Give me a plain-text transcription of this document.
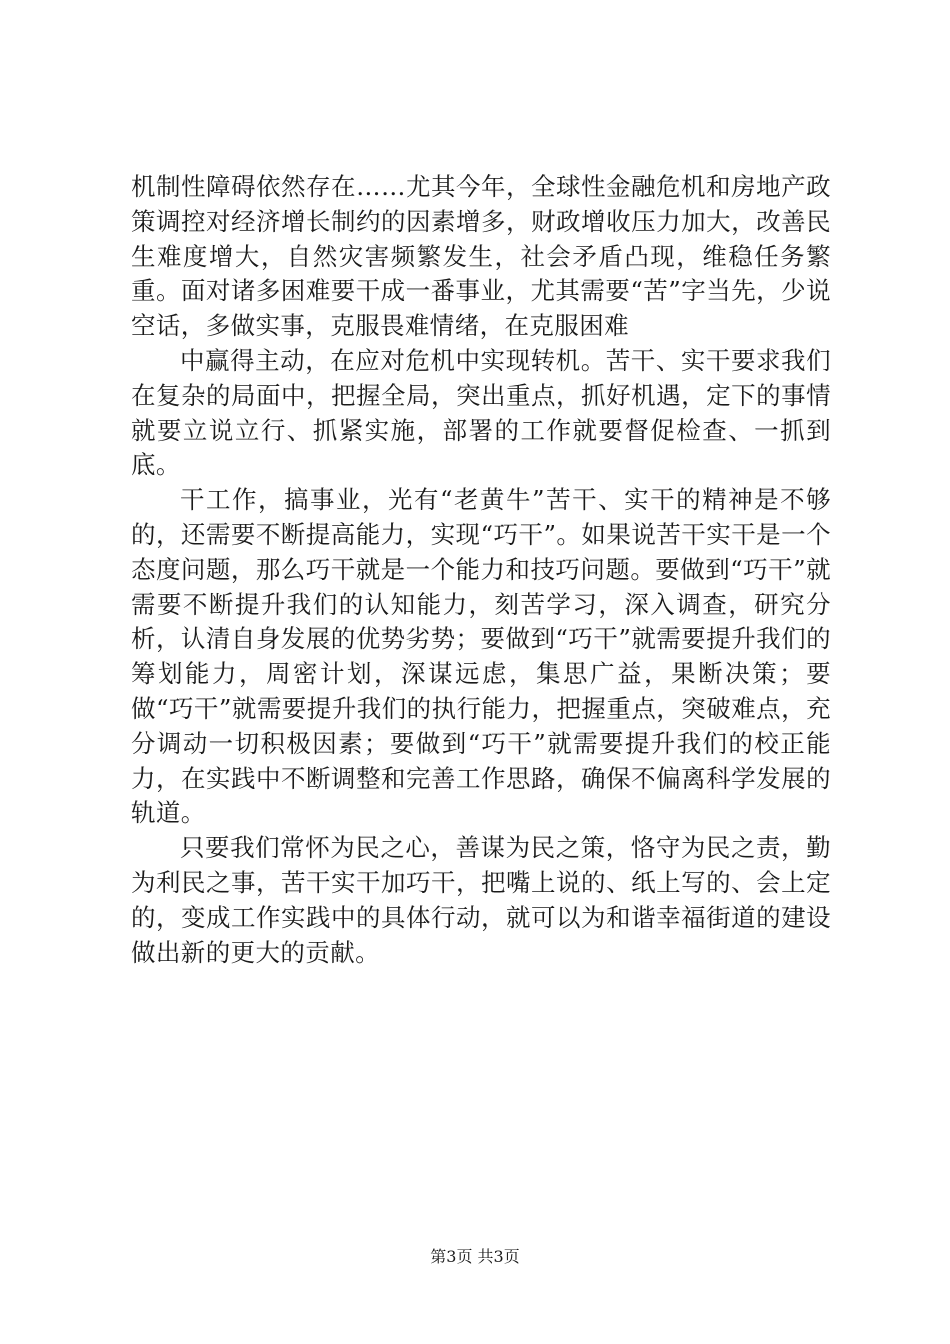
机制性障碍依然存在……尤其今年，全球性金融危机和房地产政策调控对经济增长制约的因素增多，财政增收压力加大，改善民生难度增大，自然灾害频繁发生，社会矛盾凸现，维稳任务繁重。面对诸多困难要干成一番事业，尤其需要“苦”字当先，少说空话，多做实事，克服畏难情绪，在克服困难

中赢得主动，在应对危机中实现转机。苦干、实干要求我们在复杂的局面中，把握全局，突出重点，抓好机遇，定下的事情就要立说立行、抓紧实施，部署的工作就要督促检查、一抓到底。

干工作，搞事业，光有“老黄牛”苦干、实干的精神是不够的，还需要不断提高能力，实现“巧干”。如果说苦干实干是一个态度问题，那么巧干就是一个能力和技巧问题。要做到“巧干”就需要不断提升我们的认知能力，刻苦学习，深入调查，研究分析，认清自身发展的优势劣势；要做到“巧干”就需要提升我们的筹划能力，周密计划，深谋远虑，集思广益，果断决策；要做“巧干”就需要提升我们的执行能力，把握重点，突破难点，充分调动一切积极因素；要做到“巧干”就需要提升我们的校正能力，在实践中不断调整和完善工作思路，确保不偏离科学发展的轨道。

只要我们常怀为民之心，善谋为民之策，恪守为民之责，勤为利民之事，苦干实干加巧干，把嘴上说的、纸上写的、会上定的，变成工作实践中的具体行动，就可以为和谐幸福街道的建设做出新的更大的贡献。

第3页 共3页
